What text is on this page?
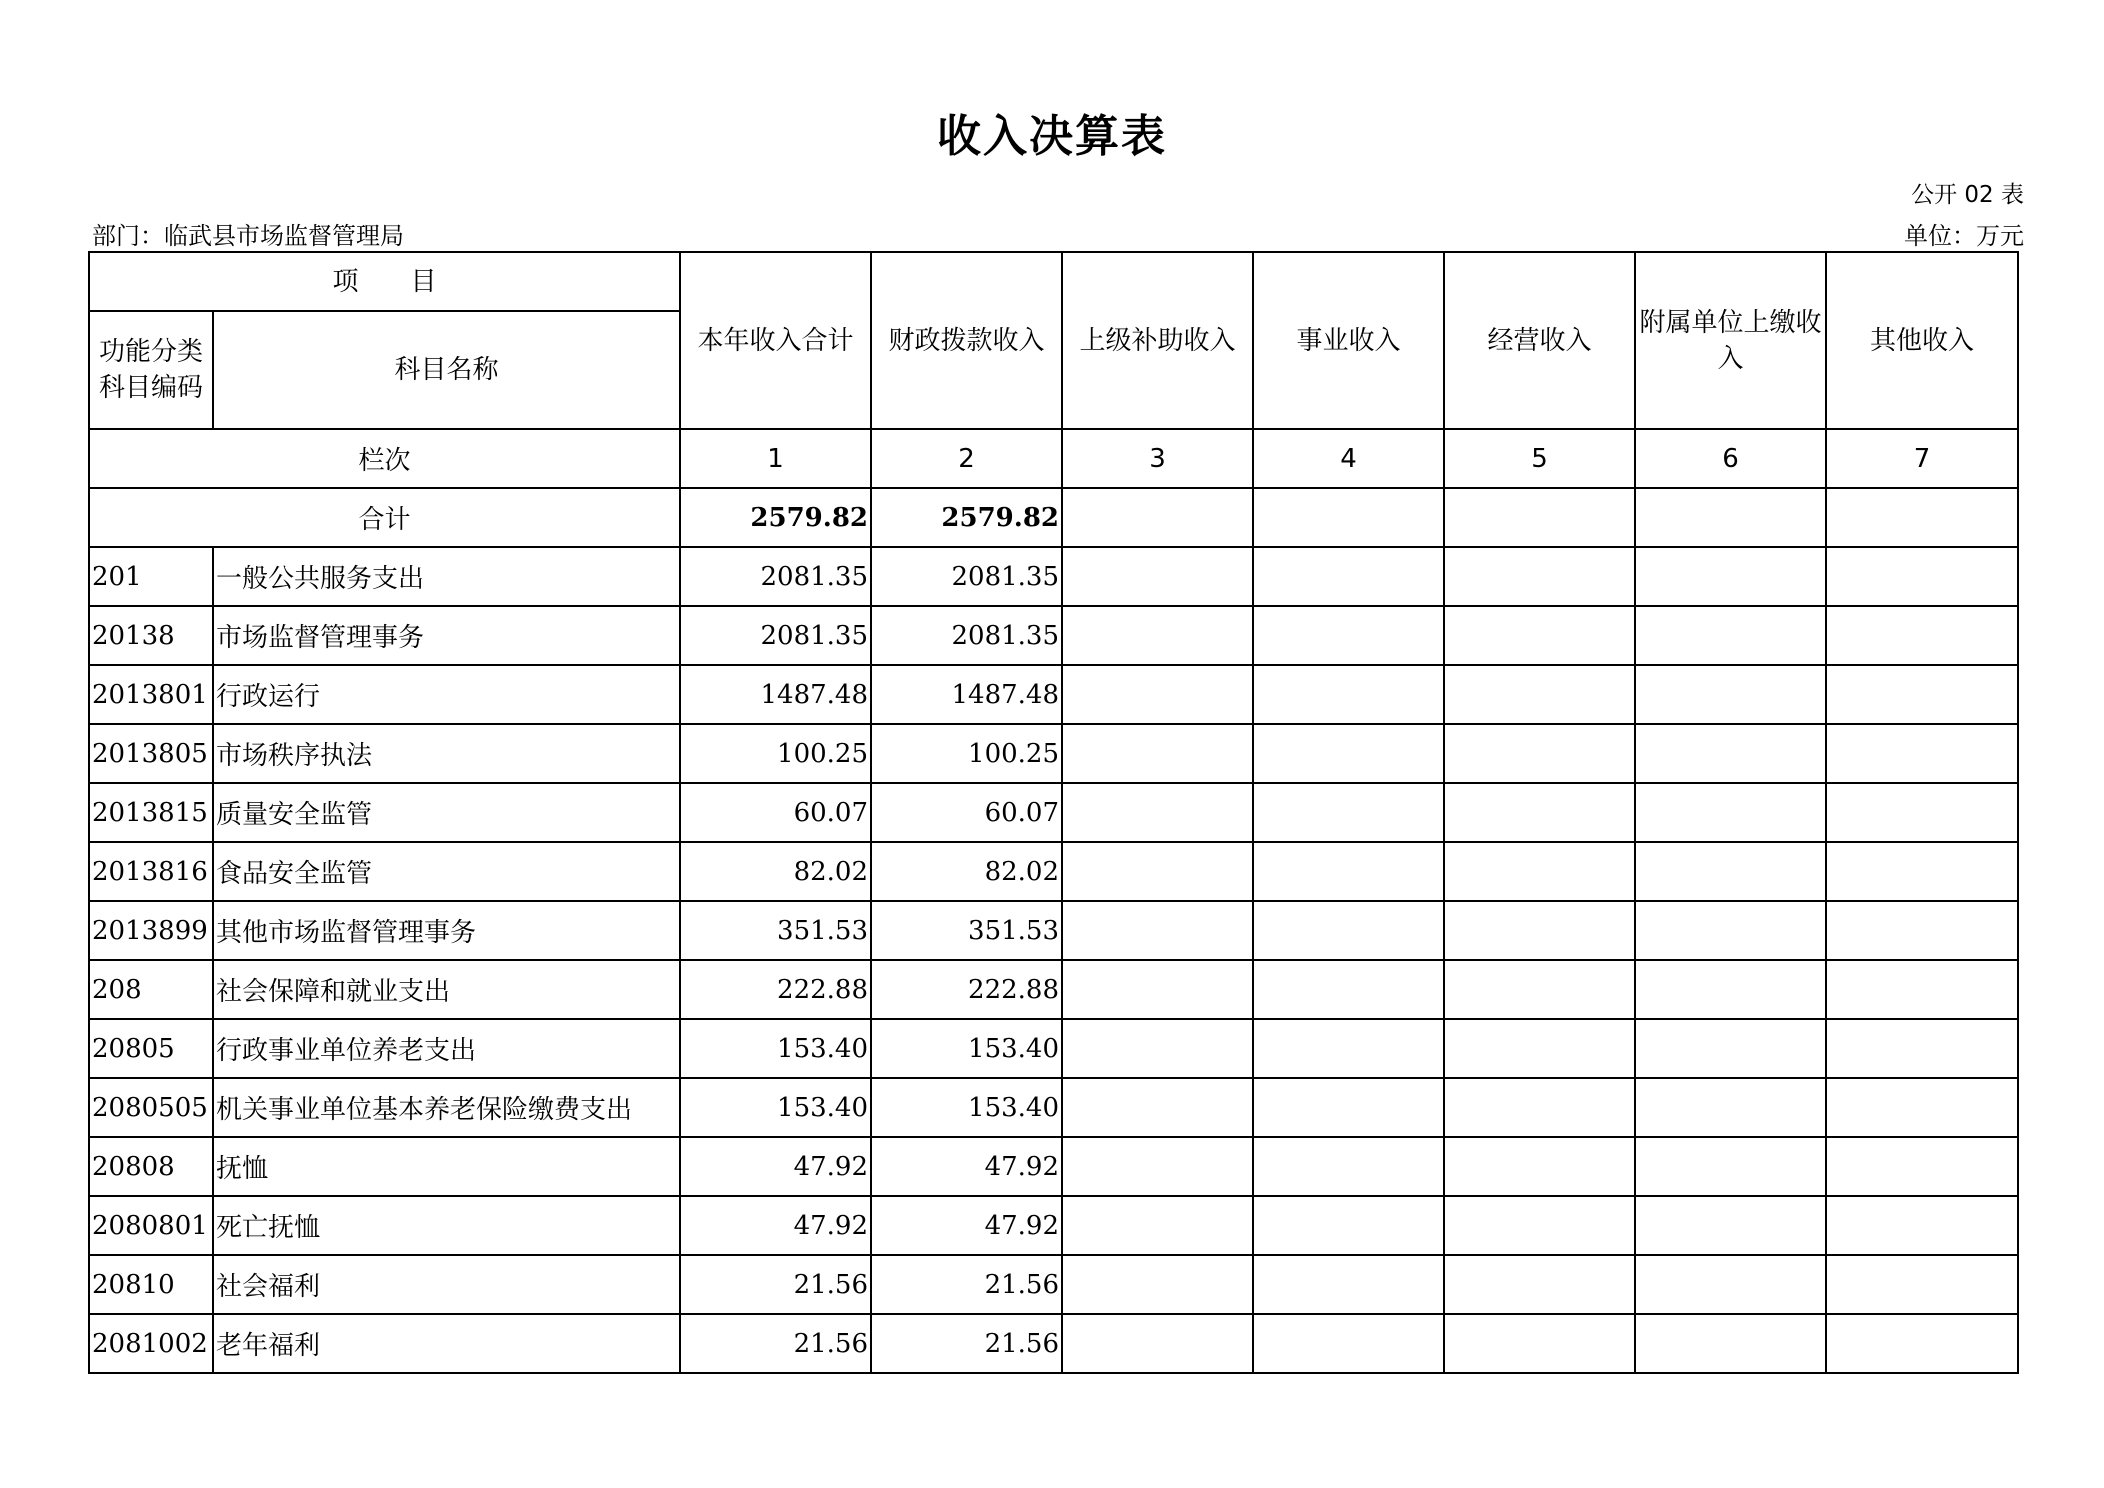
收入决算表
公开 02 表
部门：临武县市场监督管理局	单位：万元
项　　目		本年收入合计	财政拨款收入	上级补助收入	事业收入	经营收入	附属单位上缴收入	其他收入
功能分类科目编码	科目名称							
栏次		1	2	3	4	5	6	7
合计		2579.82	2579.82					
201	一般公共服务支出	2081.35	2081.35					
20138	市场监督管理事务	2081.35	2081.35					
2013801	行政运行	1487.48	1487.48					
2013805	市场秩序执法	100.25	100.25					
2013815	质量安全监管	60.07	60.07					
2013816	食品安全监管	82.02	82.02					
2013899	其他市场监督管理事务	351.53	351.53					
208	社会保障和就业支出	222.88	222.88					
20805	行政事业单位养老支出	153.40	153.40					
2080505	机关事业单位基本养老保险缴费支出	153.40	153.40					
20808	抚恤	47.92	47.92					
2080801	死亡抚恤	47.92	47.92					
20810	社会福利	21.56	21.56					
2081002	老年福利	21.56	21.56					
